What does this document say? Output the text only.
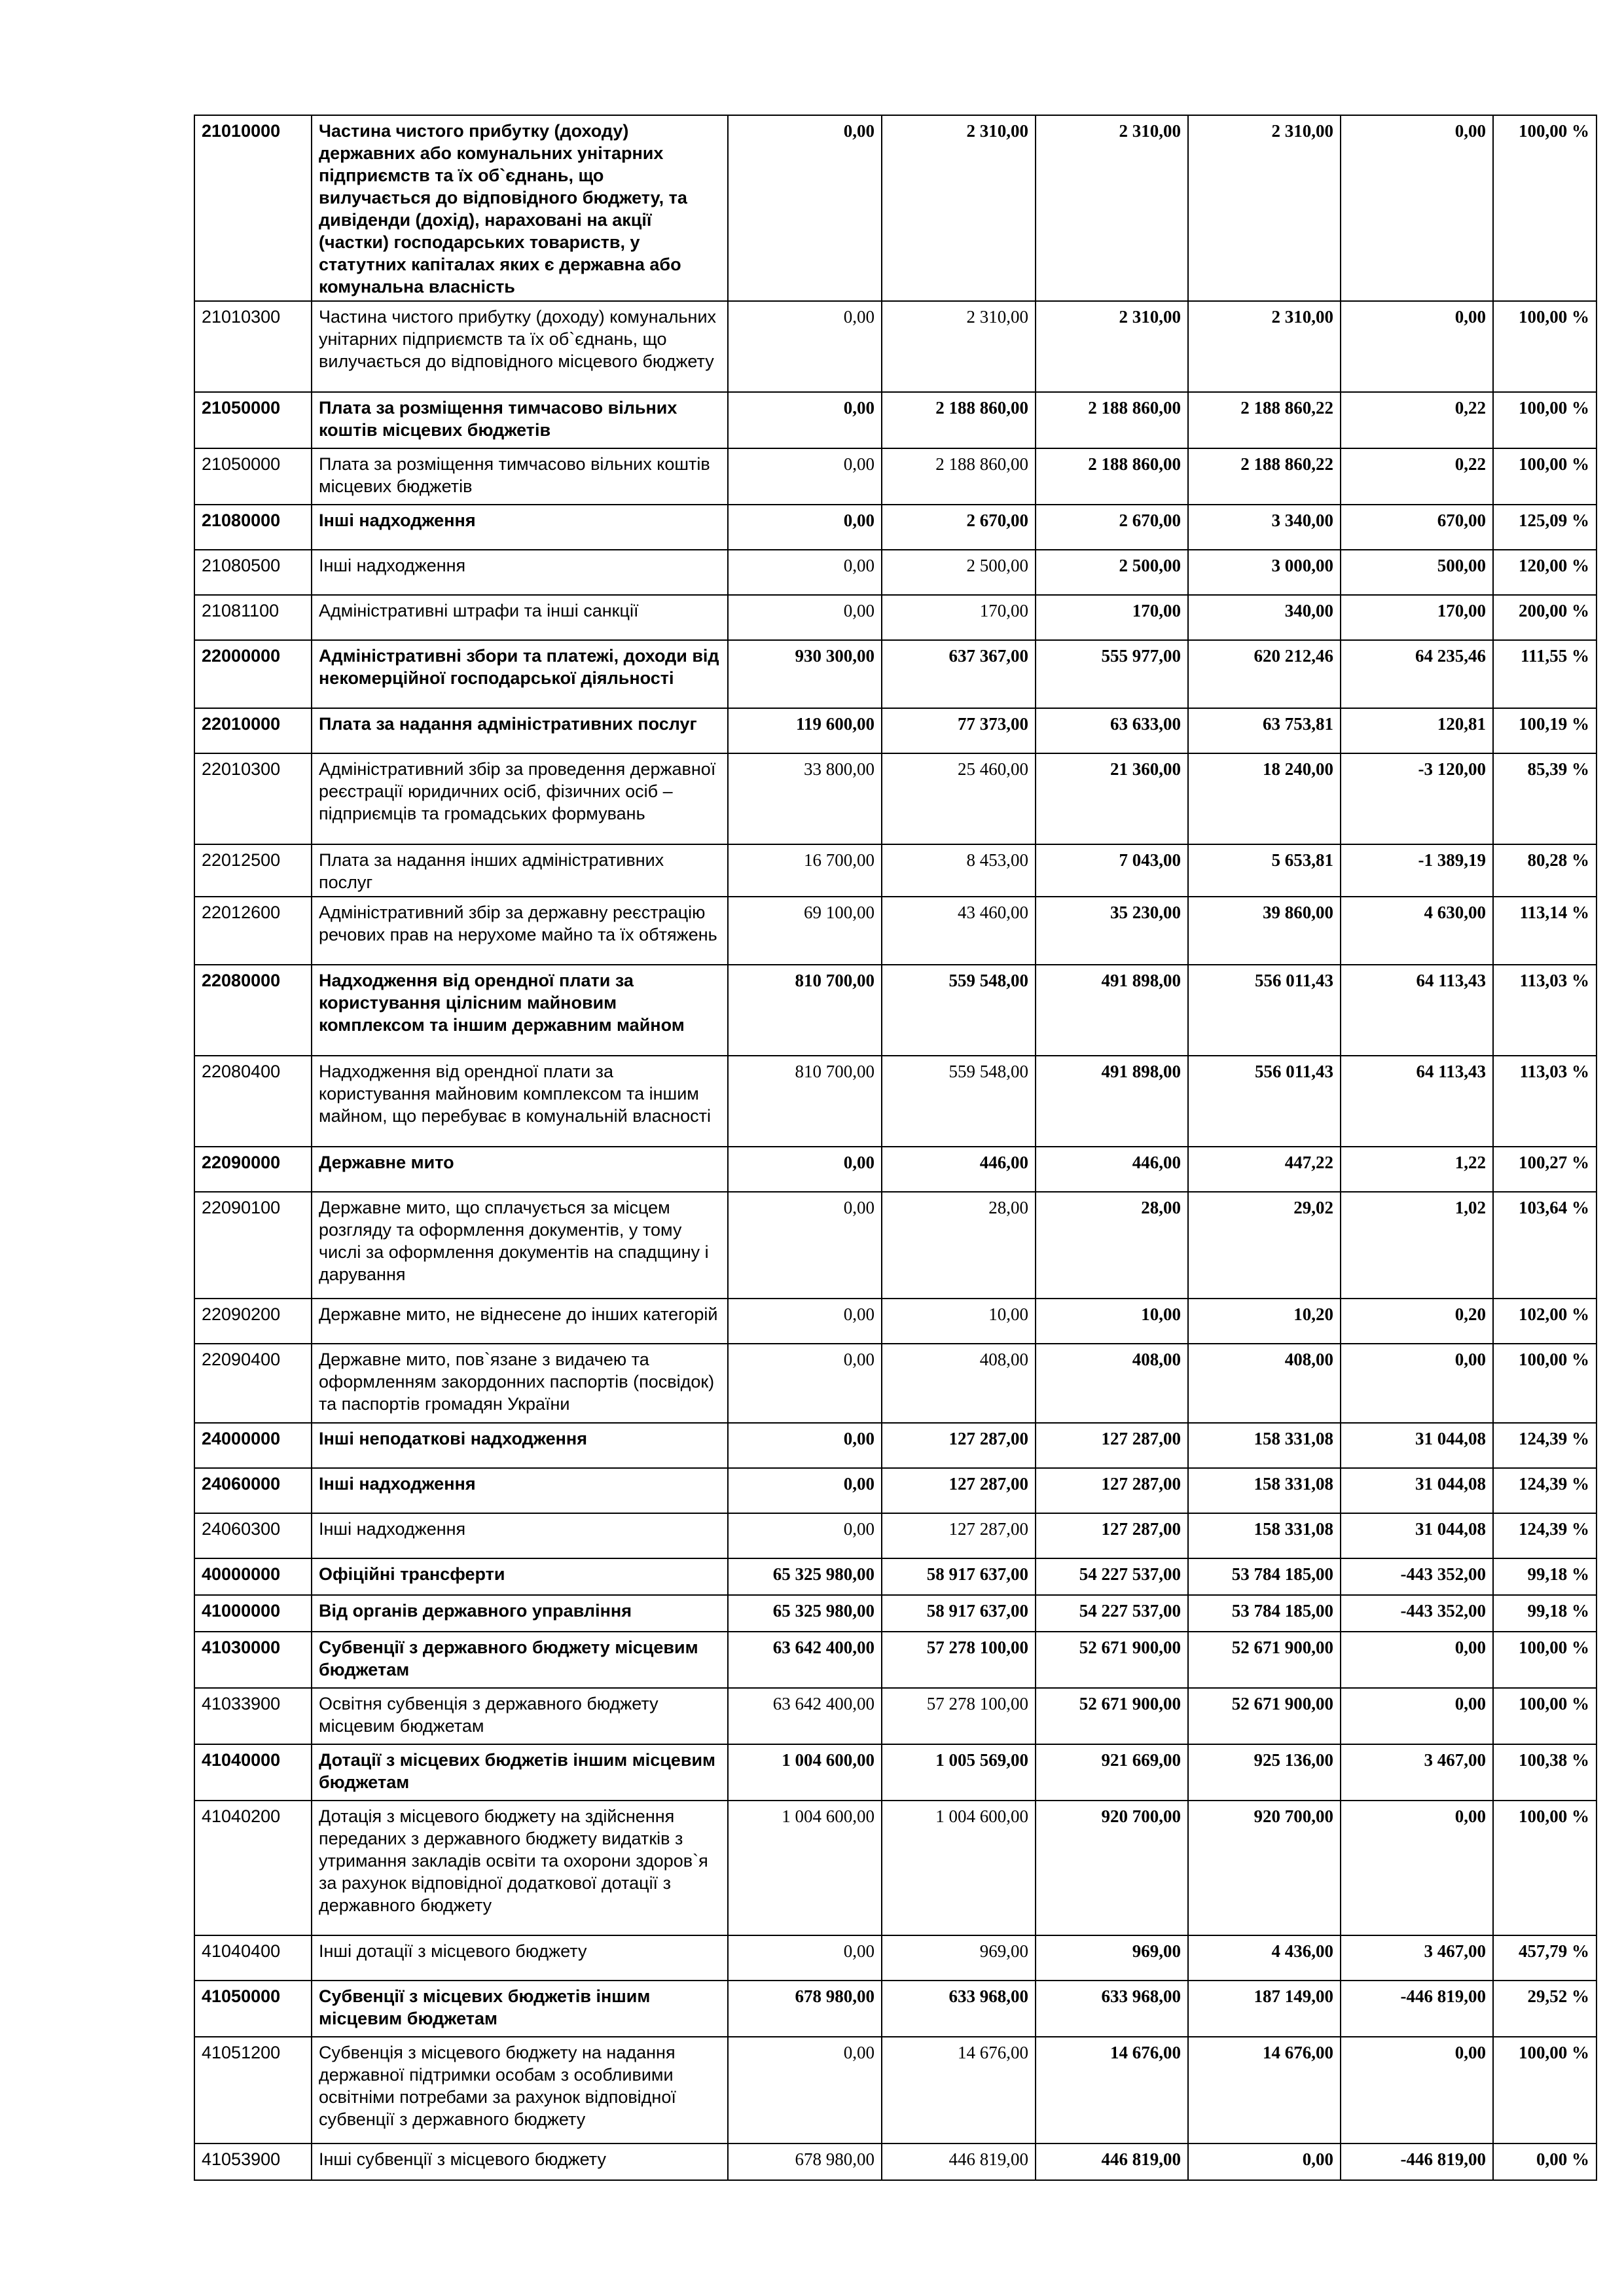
21010000	Частина чистого прибутку (доходу) державних або комунальних унітарних підприємств та їх об`єднань, що вилучається до відповідного бюджету, та дивіденди (дохід), нараховані на акції (частки) господарських товариств, у статутних капіталах яких є державна або комунальна власність	0,00	2 310,00	2 310,00	2 310,00	0,00	100,00 %
21010300	Частина чистого прибутку (доходу) комунальних унітарних підприємств та їх об`єднань, що вилучається до відповідного місцевого бюджету	0,00	2 310,00	2 310,00	2 310,00	0,00	100,00 %
21050000	Плата за розміщення тимчасово вільних коштів місцевих бюджетів	0,00	2 188 860,00	2 188 860,00	2 188 860,22	0,22	100,00 %
21050000	Плата за розміщення тимчасово вільних коштів місцевих бюджетів	0,00	2 188 860,00	2 188 860,00	2 188 860,22	0,22	100,00 %
21080000	Інші надходження	0,00	2 670,00	2 670,00	3 340,00	670,00	125,09 %
21080500	Інші надходження	0,00	2 500,00	2 500,00	3 000,00	500,00	120,00 %
21081100	Адміністративні штрафи та інші санкції	0,00	170,00	170,00	340,00	170,00	200,00 %
22000000	Адміністративні збори та платежі, доходи від некомерційної господарської діяльності	930 300,00	637 367,00	555 977,00	620 212,46	64 235,46	111,55 %
22010000	Плата за надання адміністративних послуг	119 600,00	77 373,00	63 633,00	63 753,81	120,81	100,19 %
22010300	Адміністративний збір за проведення державної реєстрації юридичних осіб, фізичних осіб – підприємців та громадських формувань	33 800,00	25 460,00	21 360,00	18 240,00	-3 120,00	85,39 %
22012500	Плата за надання інших адміністративних послуг	16 700,00	8 453,00	7 043,00	5 653,81	-1 389,19	80,28 %
22012600	Адміністративний збір за державну реєстрацію речових прав на нерухоме майно та їх обтяжень	69 100,00	43 460,00	35 230,00	39 860,00	4 630,00	113,14 %
22080000	Надходження від орендної плати за користування цілісним майновим комплексом та іншим державним майном	810 700,00	559 548,00	491 898,00	556 011,43	64 113,43	113,03 %
22080400	Надходження від орендної плати за користування майновим комплексом та іншим майном, що перебуває в комунальній власності	810 700,00	559 548,00	491 898,00	556 011,43	64 113,43	113,03 %
22090000	Державне мито	0,00	446,00	446,00	447,22	1,22	100,27 %
22090100	Державне мито, що сплачується за місцем розгляду та оформлення документів, у тому числі за оформлення документів на спадщину і дарування	0,00	28,00	28,00	29,02	1,02	103,64 %
22090200	Державне мито, не віднесене до інших категорій	0,00	10,00	10,00	10,20	0,20	102,00 %
22090400	Державне мито, пов`язане з видачею та оформленням закордонних паспортів (посвідок) та паспортів громадян України	0,00	408,00	408,00	408,00	0,00	100,00 %
24000000	Інші неподаткові надходження	0,00	127 287,00	127 287,00	158 331,08	31 044,08	124,39 %
24060000	Інші надходження	0,00	127 287,00	127 287,00	158 331,08	31 044,08	124,39 %
24060300	Інші надходження	0,00	127 287,00	127 287,00	158 331,08	31 044,08	124,39 %
40000000	Офіційні трансферти	65 325 980,00	58 917 637,00	54 227 537,00	53 784 185,00	-443 352,00	99,18 %
41000000	Від органів державного управління	65 325 980,00	58 917 637,00	54 227 537,00	53 784 185,00	-443 352,00	99,18 %
41030000	Субвенції з державного бюджету місцевим бюджетам	63 642 400,00	57 278 100,00	52 671 900,00	52 671 900,00	0,00	100,00 %
41033900	Освітня субвенція з державного бюджету місцевим бюджетам	63 642 400,00	57 278 100,00	52 671 900,00	52 671 900,00	0,00	100,00 %
41040000	Дотації з місцевих бюджетів іншим місцевим бюджетам	1 004 600,00	1 005 569,00	921 669,00	925 136,00	3 467,00	100,38 %
41040200	Дотація з місцевого бюджету на здійснення переданих з державного бюджету видатків з утримання закладів освіти та охорони здоров`я за рахунок відповідної додаткової дотації з державного бюджету	1 004 600,00	1 004 600,00	920 700,00	920 700,00	0,00	100,00 %
41040400	Інші дотації з місцевого бюджету	0,00	969,00	969,00	4 436,00	3 467,00	457,79 %
41050000	Субвенції з місцевих бюджетів іншим місцевим бюджетам	678 980,00	633 968,00	633 968,00	187 149,00	-446 819,00	29,52 %
41051200	Субвенція з місцевого бюджету на надання державної підтримки особам з особливими освітніми потребами за рахунок відповідної субвенції з державного бюджету	0,00	14 676,00	14 676,00	14 676,00	0,00	100,00 %
41053900	Інші субвенції з місцевого бюджету	678 980,00	446 819,00	446 819,00	0,00	-446 819,00	0,00 %
